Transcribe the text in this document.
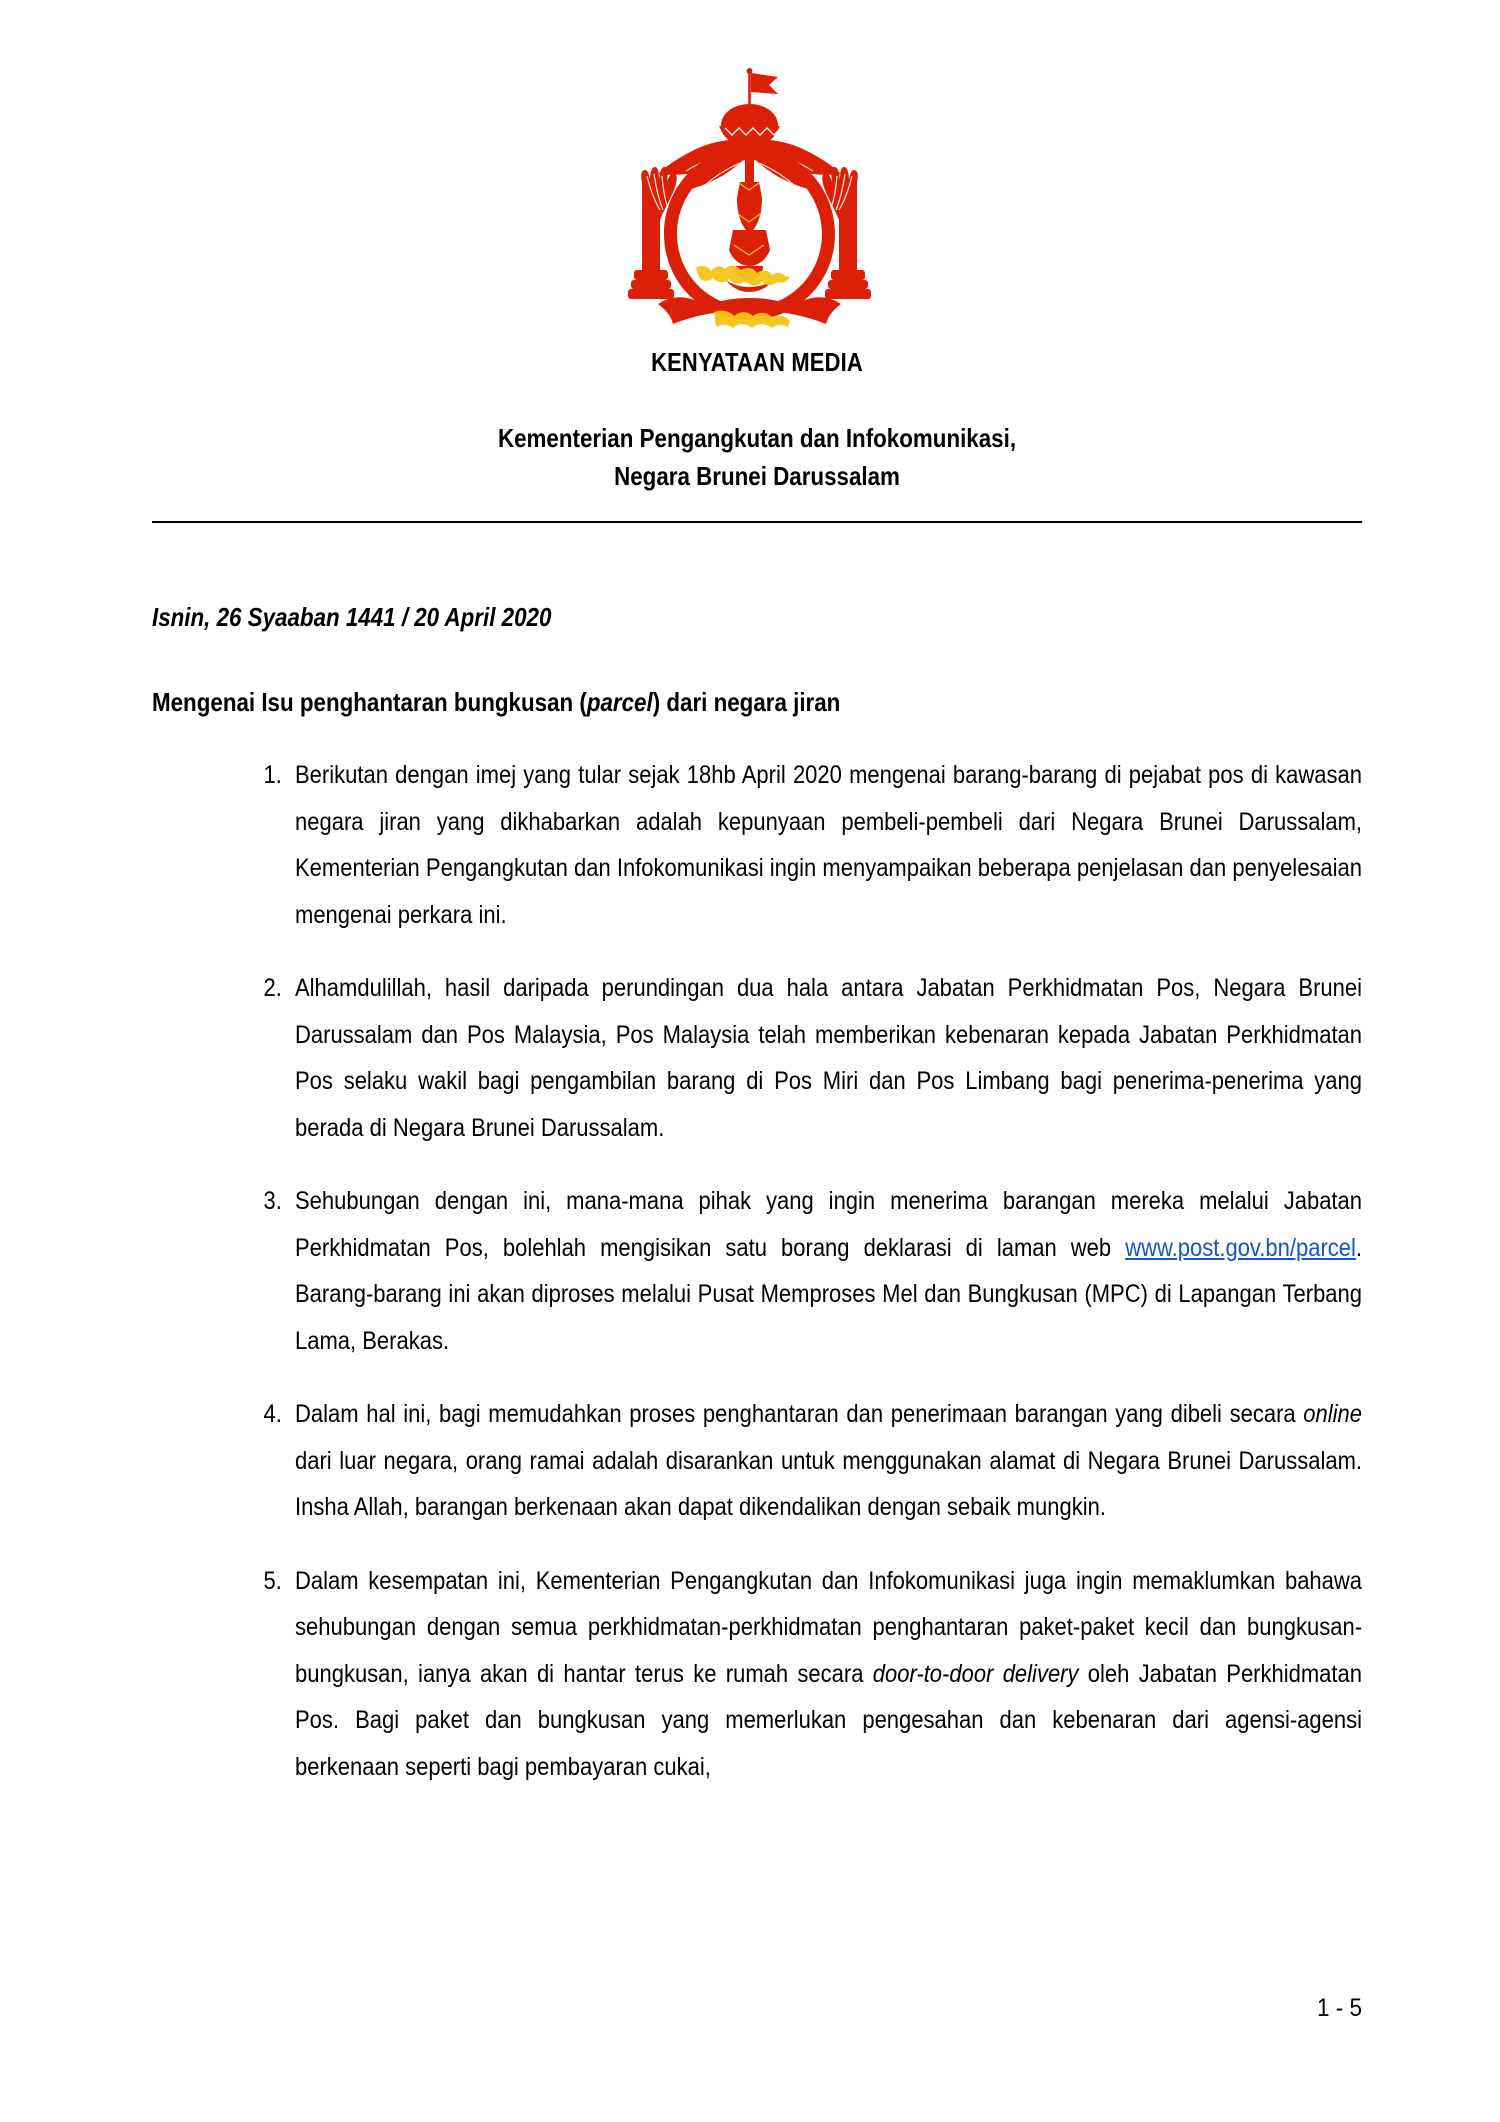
KENYATAAN MEDIA
Kementerian Pengangkutan dan Infokomunikasi,
Negara Brunei Darussalam
Isnin, 26 Syaaban 1441 / 20 April 2020
Mengenai Isu penghantaran bungkusan (parcel) dari negara jiran
1. Berikutan dengan imej yang tular sejak 18hb April 2020 mengenai barang-barang di pejabat pos di kawasan negara jiran yang dikhabarkan adalah kepunyaan pembeli-pembeli dari Negara Brunei Darussalam, Kementerian Pengangkutan dan Infokomunikasi ingin menyampaikan beberapa penjelasan dan penyelesaian mengenai perkara ini.
2. Alhamdulillah, hasil daripada perundingan dua hala antara Jabatan Perkhidmatan Pos, Negara Brunei Darussalam dan Pos Malaysia, Pos Malaysia telah memberikan kebenaran kepada Jabatan Perkhidmatan Pos selaku wakil bagi pengambilan barang di Pos Miri dan Pos Limbang bagi penerima-penerima yang berada di Negara Brunei Darussalam.
3. Sehubungan dengan ini, mana-mana pihak yang ingin menerima barangan mereka melalui Jabatan Perkhidmatan Pos, bolehlah mengisikan satu borang deklarasi di laman web www.post.gov.bn/parcel. Barang-barang ini akan diproses melalui Pusat Memproses Mel dan Bungkusan (MPC) di Lapangan Terbang Lama, Berakas.
4. Dalam hal ini, bagi memudahkan proses penghantaran dan penerimaan barangan yang dibeli secara online dari luar negara, orang ramai adalah disarankan untuk menggunakan alamat di Negara Brunei Darussalam. Insha Allah, barangan berkenaan akan dapat dikendalikan dengan sebaik mungkin.
5. Dalam kesempatan ini, Kementerian Pengangkutan dan Infokomunikasi juga ingin memaklumkan bahawa sehubungan dengan semua perkhidmatan-perkhidmatan penghantaran paket-paket kecil dan bungkusan-bungkusan, ianya akan di hantar terus ke rumah secara door-to-door delivery oleh Jabatan Perkhidmatan Pos. Bagi paket dan bungkusan yang memerlukan pengesahan dan kebenaran dari agensi-agensi berkenaan seperti bagi pembayaran cukai,
1 - 5
